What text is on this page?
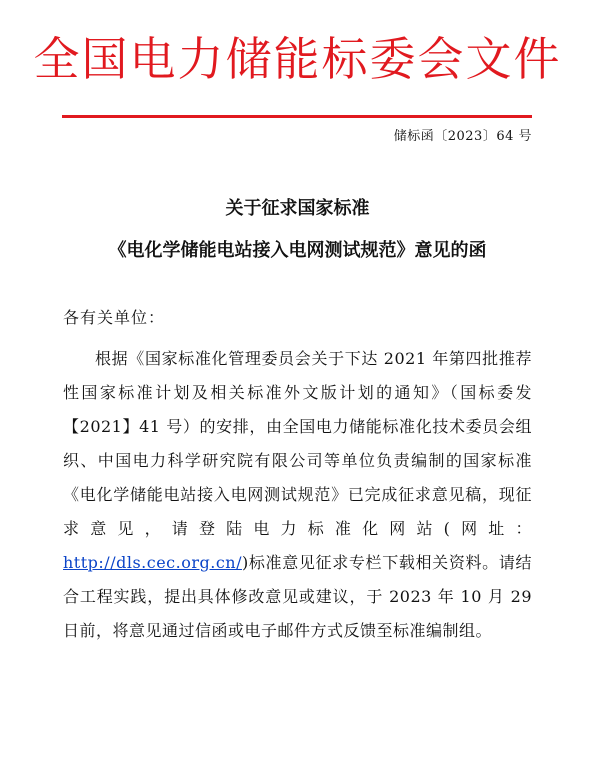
全国电力储能标委会文件
储标函〔2023〕64 号
关于征求国家标准
《电化学储能电站接入电网测试规范》意见的函
各有关单位：

根据《国家标准化管理委员会关于下达 2021 年第四批推荐性国家标准计划及相关标准外文版计划的通知》（国标委发【2021】41 号）的安排，由全国电力储能标准化技术委员会组织、中国电力科学研究院有限公司等单位负责编制的国家标准《电化学储能电站接入电网测试规范》已完成征求意见稿，现征求意见，请登陆电力标准化网站(网址：http://dls.cec.org.cn/)标准意见征求专栏下载相关资料。请结合工程实践，提出具体修改意见或建议，于 2023 年 10 月 29 日前，将意见通过信函或电子邮件方式反馈至标准编制组。
